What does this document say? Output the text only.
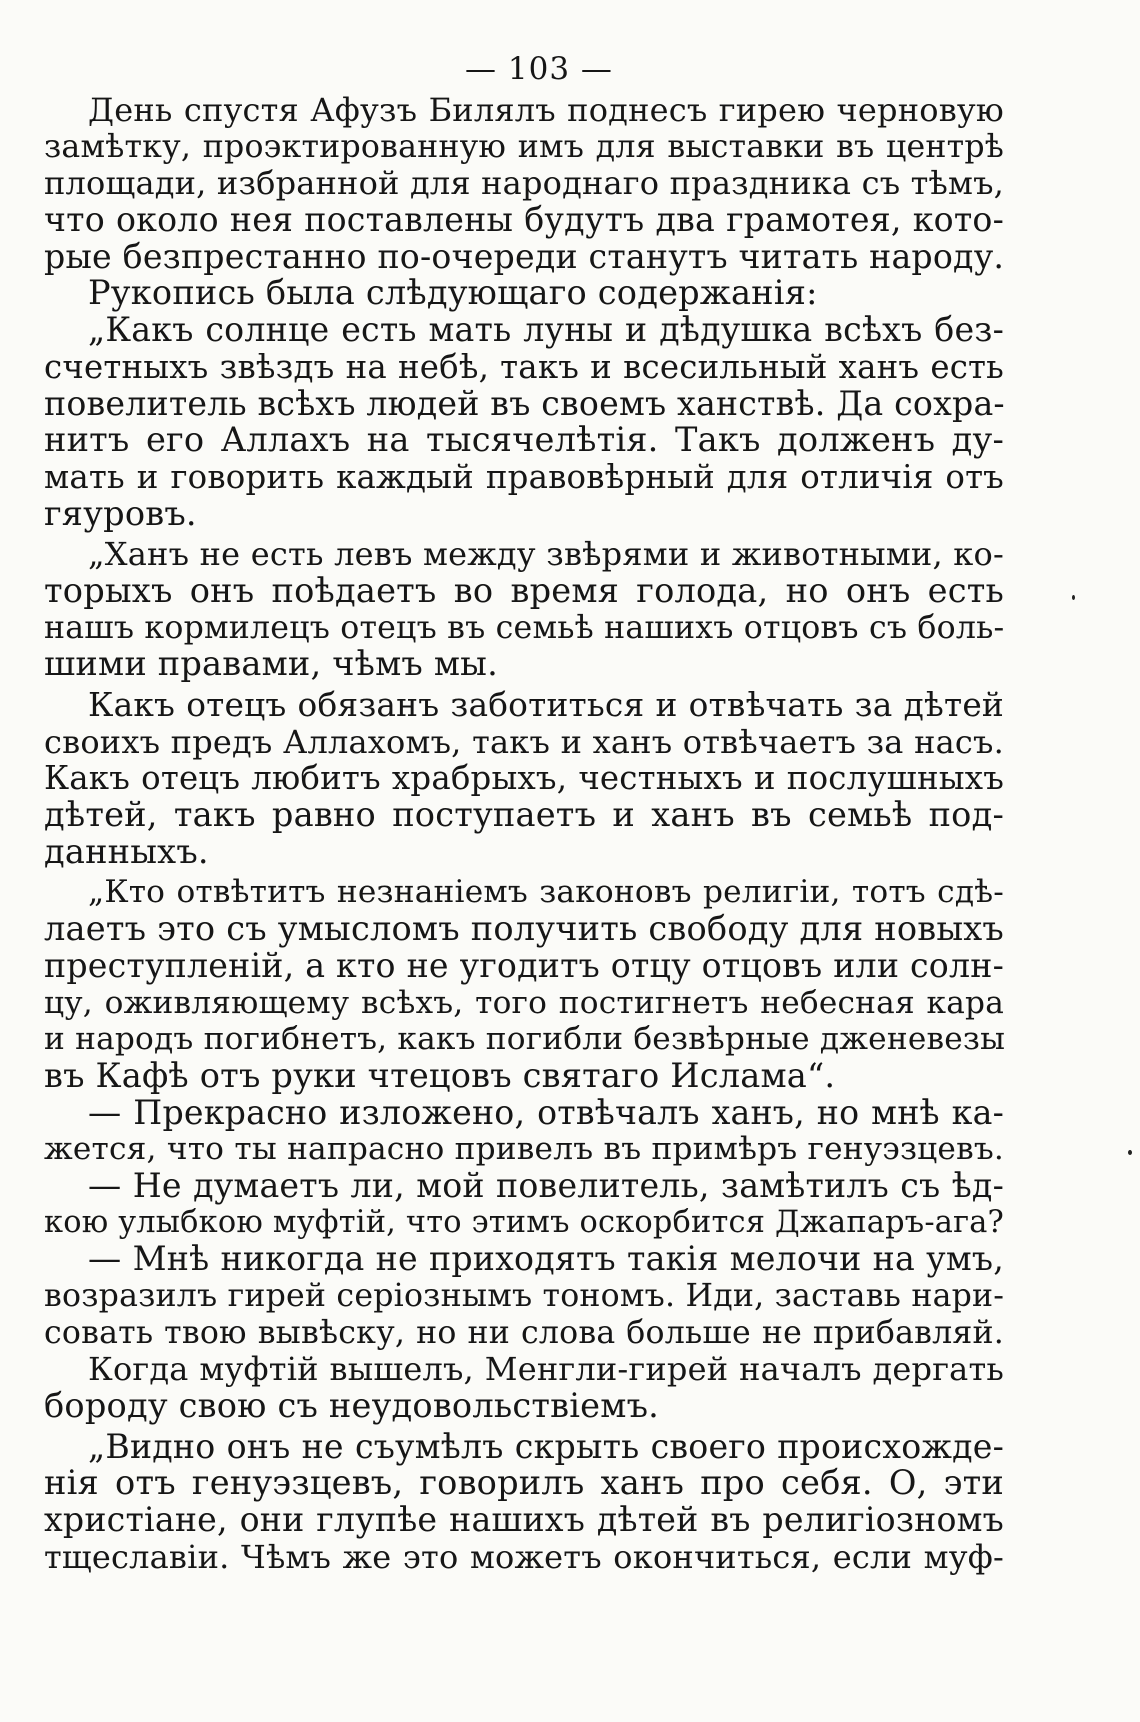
— 103 —
День спустя Афузъ Билялъ поднесъ гирею черновую
замѣтку, проэктированную имъ для выставки въ центрѣ
площади, избранной для народнаго праздника съ тѣмъ,
что около нея поставлены будутъ два грамотея, кото-
рые безпрестанно по-очереди станутъ читать народу.
Рукопись была слѣдующаго содержанія:
„Какъ солнце есть мать луны и дѣдушка всѣхъ без-
счетныхъ звѣздъ на небѣ, такъ и всесильный ханъ есть
повелитель всѣхъ людей въ своемъ ханствѣ. Да сохра-
нитъ его Аллахъ на тысячелѣтія. Такъ долженъ ду-
мать и говорить каждый правовѣрный для отличія отъ
гяуровъ.
„Ханъ не есть левъ между звѣрями и животными, ко-
торыхъ онъ поѣдаетъ во время голода, но онъ есть
нашъ кормилецъ отецъ въ семьѣ нашихъ отцовъ съ боль-
шими правами, чѣмъ мы.
Какъ отецъ обязанъ заботиться и отвѣчать за дѣтей
своихъ предъ Аллахомъ, такъ и ханъ отвѣчаетъ за насъ.
Какъ отецъ любитъ храбрыхъ, честныхъ и послушныхъ
дѣтей, такъ равно поступаетъ и ханъ въ семьѣ под-
данныхъ.
„Кто отвѣтитъ незнаніемъ законовъ религіи, тотъ сдѣ-
лаетъ это съ умысломъ получить свободу для новыхъ
преступленій, а кто не угодитъ отцу отцовъ или солн-
цу, оживляющему всѣхъ, того постигнетъ небесная кара
и народъ погибнетъ, какъ погибли безвѣрные дженевезы
въ Кафѣ отъ руки чтецовъ святаго Ислама“.
— Прекрасно изложено, отвѣчалъ ханъ, но мнѣ ка-
жется, что ты напрасно привелъ въ примѣръ генуэзцевъ.
— Не думаетъ ли, мой повелитель, замѣтилъ съ ѣд-
кою улыбкою муфтій, что этимъ оскорбится Джапаръ-ага?
— Мнѣ никогда не приходятъ такія мелочи на умъ,
возразилъ гирей серіознымъ тономъ. Иди, заставь нари-
совать твою вывѣску, но ни слова больше не прибавляй.
Когда муфтій вышелъ, Менгли-гирей началъ дергать
бороду свою съ неудовольствіемъ.
„Видно онъ не съумѣлъ скрыть своего происхожде-
нія отъ генуэзцевъ, говорилъ ханъ про себя. О, эти
христіане, они глупѣе нашихъ дѣтей въ религіозномъ
тщеславіи. Чѣмъ же это можетъ окончиться, если муф-
